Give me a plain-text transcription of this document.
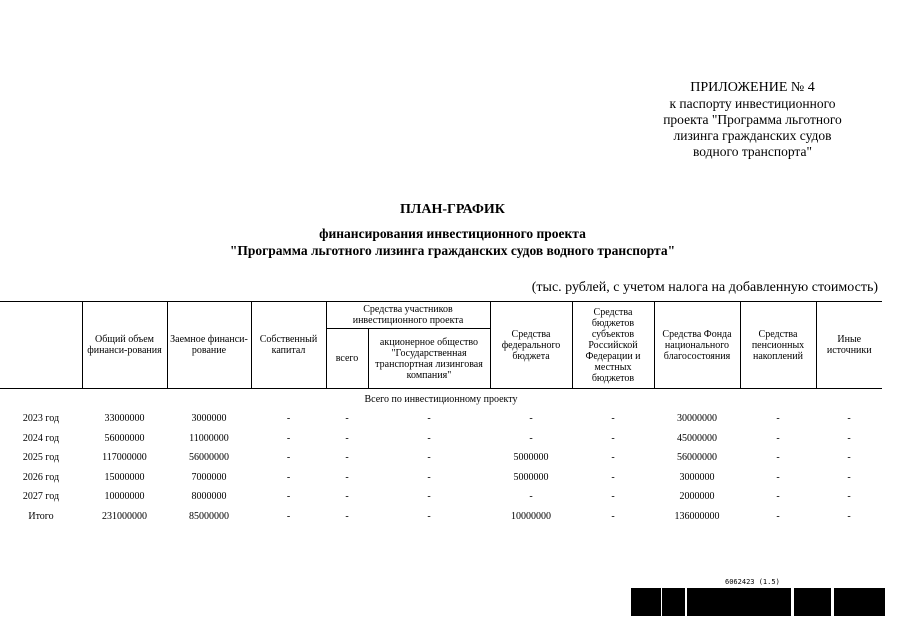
ПРИЛОЖЕНИЕ № 4
к паспорту инвестиционного
проекта "Программа льготного
лизинга гражданских судов
водного транспорта"
ПЛАН-ГРАФИК
финансирования инвестиционного проекта
"Программа льготного лизинга гражданских судов водного транспорта"
(тыс. рублей, с учетом налога на добавленную стоимость)
	Общий объем финанси-рования	Заемное финанси-рование	Собственный капитал	Средства участников инвестиционного проекта		Средства федерального бюджета	Средства бюджетов субъектов Российской Федерации и местных бюджетов	Средства Фонда национального благосостояния	Средства пенсионных накоплений	Иные источники
				всего	акционерное общество "Государственная транспортная лизинговая компания"					
Всего по инвестиционному проекту										
2023 год	33000000	3000000	-	-	-	-	-	30000000	-	-
2024 год	56000000	11000000	-	-	-	-	-	45000000	-	-
2025 год	117000000	56000000	-	-	-	5000000	-	56000000	-	-
2026 год	15000000	7000000	-	-	-	5000000	-	3000000	-	-
2027 год	10000000	8000000	-	-	-	-	-	2000000	-	-
Итого	231000000	85000000	-	-	-	10000000	-	136000000	-	-
6062423 (1.5)
